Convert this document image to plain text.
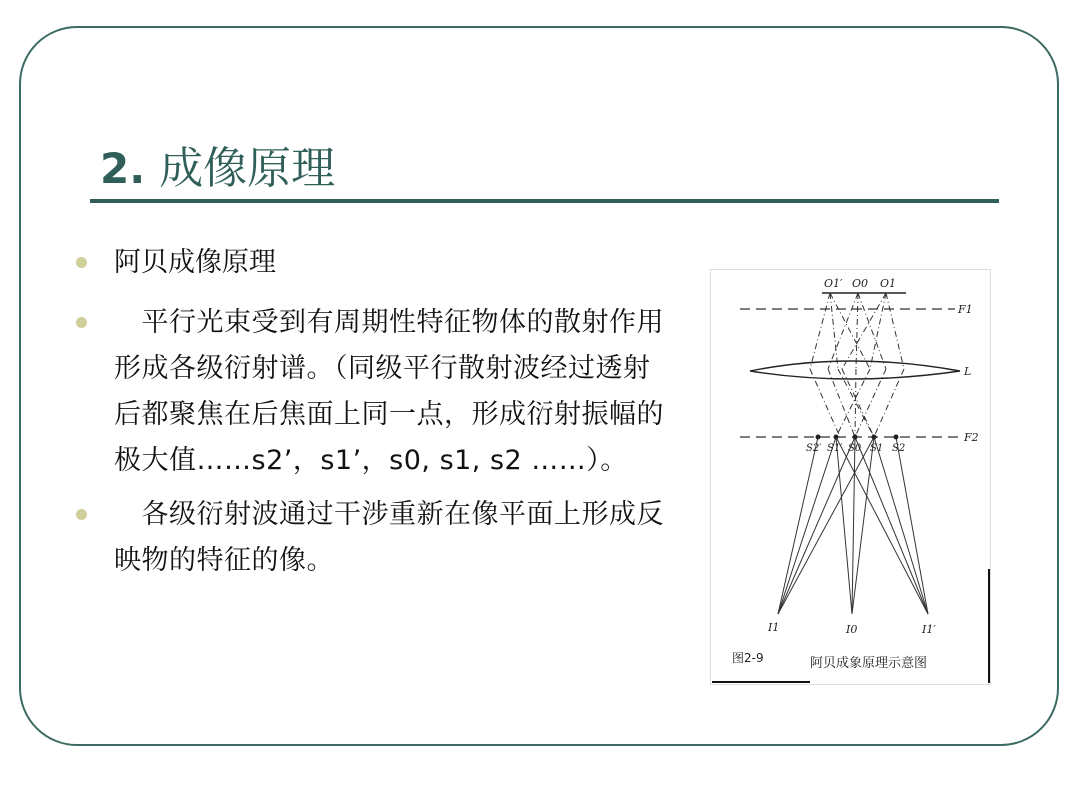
2. 成像原理
阿贝成像原理
　平行光束受到有周期性特征物体的散射作用形成各级衍射谱。（同级平行散射波经过透射后都聚焦在后焦面上同一点，形成衍射振幅的极大值……s2’，s1’，s0, s1, s2 ……）。
　各级衍射波通过干涉重新在像平面上形成反映物的特征的像。
O1′ O0 O1
F1
L
F2
S2′ S1′ S0 S1 S2
I1	I0	I1′
图2-9	阿贝成象原理示意图
